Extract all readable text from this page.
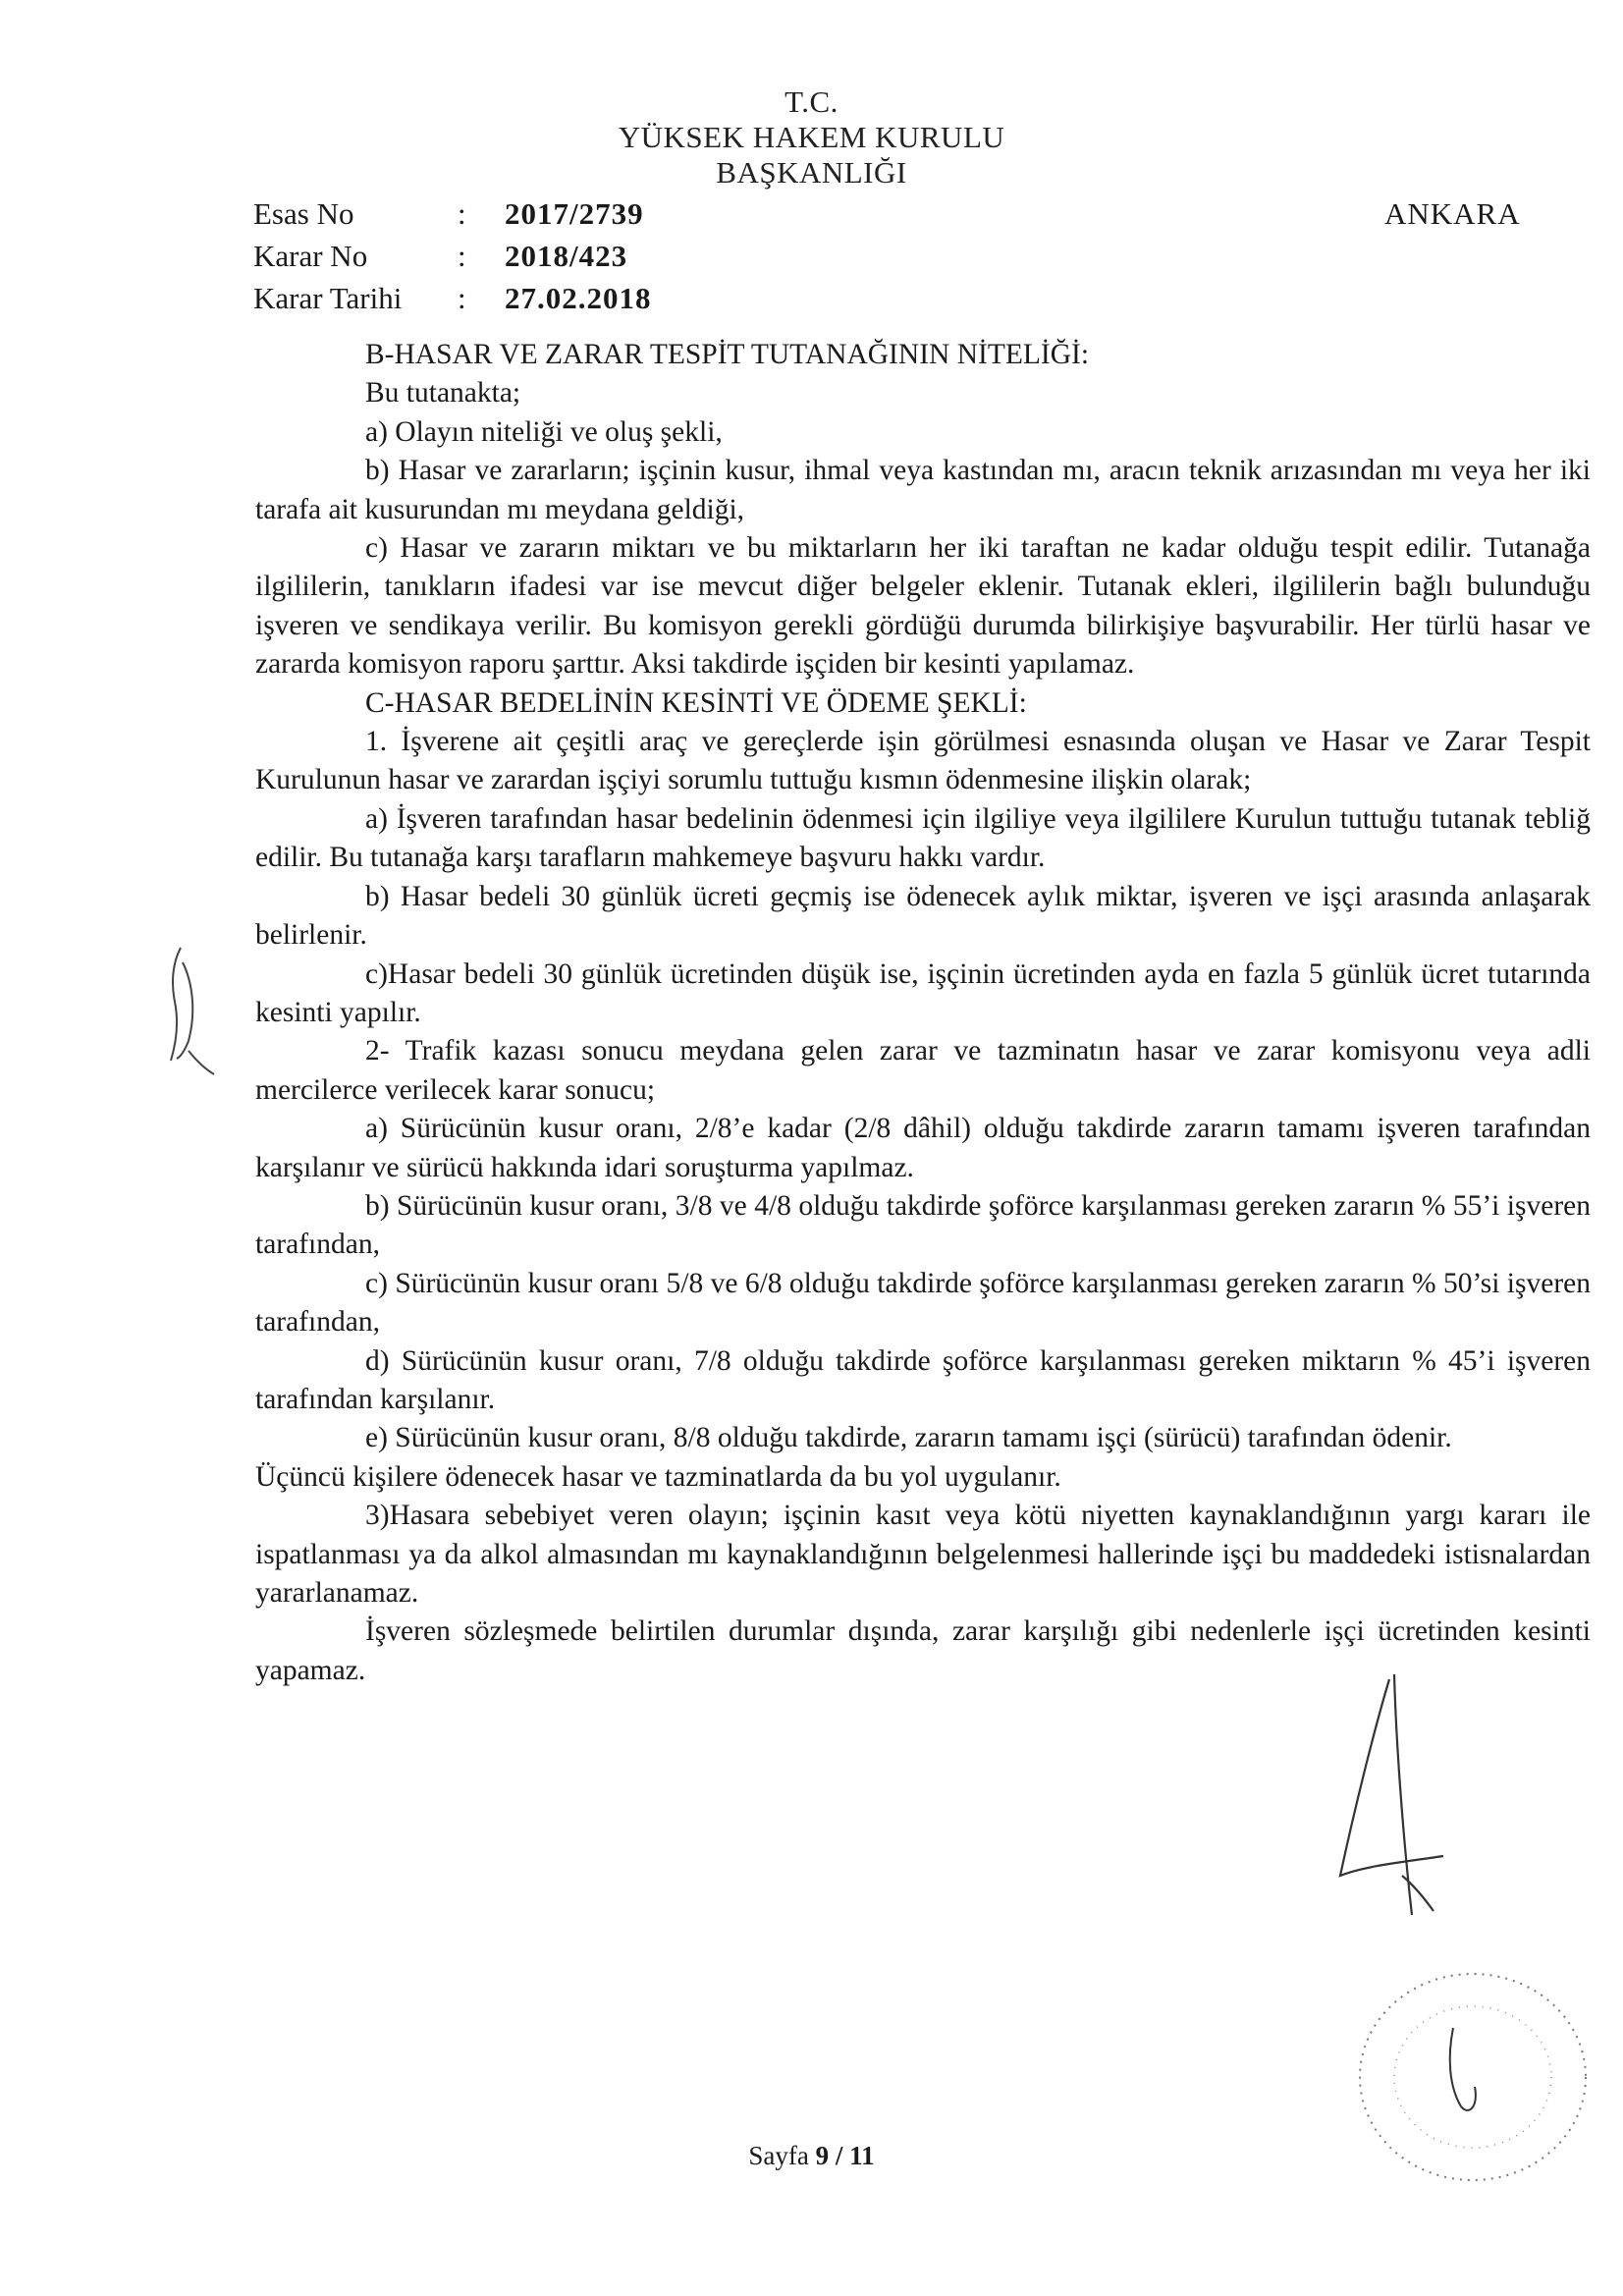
T.C.
YÜKSEK HAKEM KURULU
BAŞKANLIĞI
Esas No	:	2017/2739
Karar No	:	2018/423
Karar Tarihi	:	27.02.2018
ANKARA

B-HASAR VE ZARAR TESPİT TUTANAĞININ NİTELİĞİ:

Bu tutanakta;

a) Olayın niteliği ve oluş şekli,

b) Hasar ve zararların; işçinin kusur, ihmal veya kastından mı, aracın teknik arızasından mı veya her iki tarafa ait kusurundan mı meydana geldiği,

c) Hasar ve zararın miktarı ve bu miktarların her iki taraftan ne kadar olduğu tespit edilir. Tutanağa ilgililerin, tanıkların ifadesi var ise mevcut diğer belgeler eklenir. Tutanak ekleri, ilgililerin bağlı bulunduğu işveren ve sendikaya verilir. Bu komisyon gerekli gördüğü durumda bilirkişiye başvurabilir. Her türlü hasar ve zararda komisyon raporu şarttır. Aksi takdirde işçiden bir kesinti yapılamaz.

C-HASAR BEDELİNİN KESİNTİ VE ÖDEME ŞEKLİ:

1. İşverene ait çeşitli araç ve gereçlerde işin görülmesi esnasında oluşan ve Hasar ve Zarar Tespit Kurulunun hasar ve zarardan işçiyi sorumlu tuttuğu kısmın ödenmesine ilişkin olarak;

a) İşveren tarafından hasar bedelinin ödenmesi için ilgiliye veya ilgililere Kurulun tuttuğu tutanak tebliğ edilir. Bu tutanağa karşı tarafların mahkemeye başvuru hakkı vardır.

b) Hasar bedeli 30 günlük ücreti geçmiş ise ödenecek aylık miktar, işveren ve işçi arasında anlaşarak belirlenir.

c)Hasar bedeli 30 günlük ücretinden düşük ise, işçinin ücretinden ayda en fazla 5 günlük ücret tutarında kesinti yapılır.

2- Trafik kazası sonucu meydana gelen zarar ve tazminatın hasar ve zarar komisyonu veya adli mercilerce verilecek karar sonucu;

a) Sürücünün kusur oranı, 2/8’e kadar (2/8 dâhil) olduğu takdirde zararın tamamı işveren tarafından karşılanır ve sürücü hakkında idari soruşturma yapılmaz.

b) Sürücünün kusur oranı, 3/8 ve 4/8 olduğu takdirde şoförce karşılanması gereken zararın % 55’i işveren tarafından,

c) Sürücünün kusur oranı 5/8 ve 6/8 olduğu takdirde şoförce karşılanması gereken zararın % 50’si işveren tarafından,

d) Sürücünün kusur oranı, 7/8 olduğu takdirde şoförce karşılanması gereken miktarın % 45’i işveren tarafından karşılanır.

e) Sürücünün kusur oranı, 8/8 olduğu takdirde, zararın tamamı işçi (sürücü) tarafından ödenir.

Üçüncü kişilere ödenecek hasar ve tazminatlarda da bu yol uygulanır.

3)Hasara sebebiyet veren olayın; işçinin kasıt veya kötü niyetten kaynaklandığının yargı kararı ile ispatlanması ya da alkol almasından mı kaynaklandığının belgelenmesi hallerinde işçi bu maddedeki istisnalardan yararlanamaz.

İşveren sözleşmede belirtilen durumlar dışında, zarar karşılığı gibi nedenlerle işçi ücretinden kesinti yapamaz.

Sayfa 9 / 11
